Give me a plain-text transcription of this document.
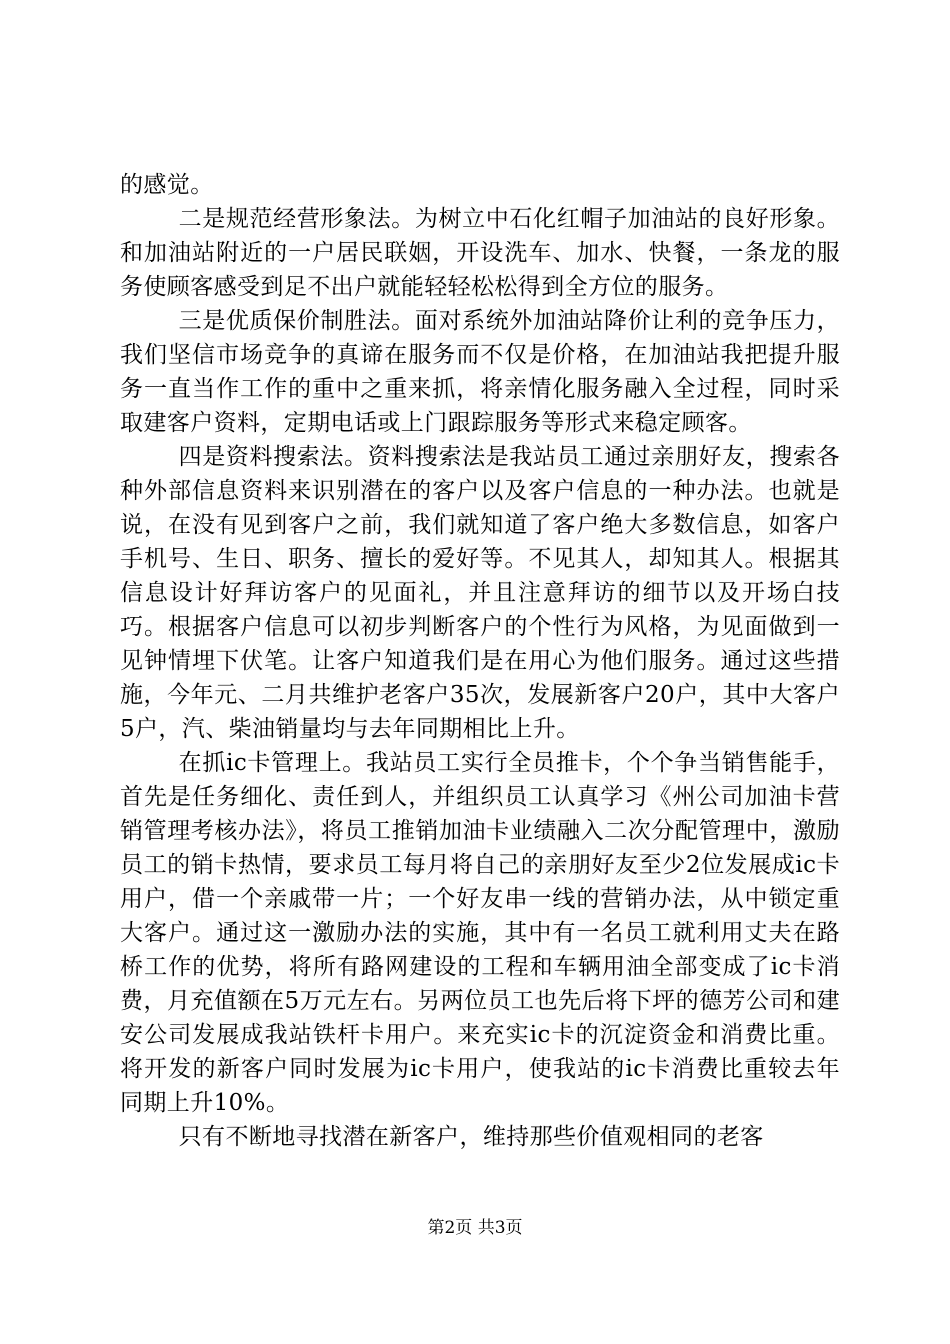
的感觉。

二是规范经营形象法。为树立中石化红帽子加油站的良好形象。和加油站附近的一户居民联姻，开设洗车、加水、快餐，一条龙的服务使顾客感受到足不出户就能轻轻松松得到全方位的服务。

三是优质保价制胜法。面对系统外加油站降价让利的竞争压力，我们坚信市场竞争的真谛在服务而不仅是价格，在加油站我把提升服务一直当作工作的重中之重来抓，将亲情化服务融入全过程，同时采取建客户资料，定期电话或上门跟踪服务等形式来稳定顾客。

四是资料搜索法。资料搜索法是我站员工通过亲朋好友，搜索各种外部信息资料来识别潜在的客户以及客户信息的一种办法。也就是说，在没有见到客户之前，我们就知道了客户绝大多数信息，如客户手机号、生日、职务、擅长的爱好等。不见其人，却知其人。根据其信息设计好拜访客户的见面礼，并且注意拜访的细节以及开场白技巧。根据客户信息可以初步判断客户的个性行为风格，为见面做到一见钟情埋下伏笔。让客户知道我们是在用心为他们服务。通过这些措施，今年元、二月共维护老客户35次，发展新客户20户，其中大客户5户，汽、柴油销量均与去年同期相比上升。

在抓ic卡管理上。我站员工实行全员推卡，个个争当销售能手，首先是任务细化、责任到人，并组织员工认真学习《州公司加油卡营销管理考核办法》，将员工推销加油卡业绩融入二次分配管理中，激励员工的销卡热情，要求员工每月将自己的亲朋好友至少2位发展成ic卡用户，借一个亲戚带一片；一个好友串一线的营销办法，从中锁定重大客户。通过这一激励办法的实施，其中有一名员工就利用丈夫在路桥工作的优势，将所有路网建设的工程和车辆用油全部变成了ic卡消费，月充值额在5万元左右。另两位员工也先后将下坪的德芳公司和建安公司发展成我站铁杆卡用户。来充实ic卡的沉淀资金和消费比重。将开发的新客户同时发展为ic卡用户，使我站的ic卡消费比重较去年同期上升10%。

只有不断地寻找潜在新客户，维持那些价值观相同的老客

第2页 共3页
